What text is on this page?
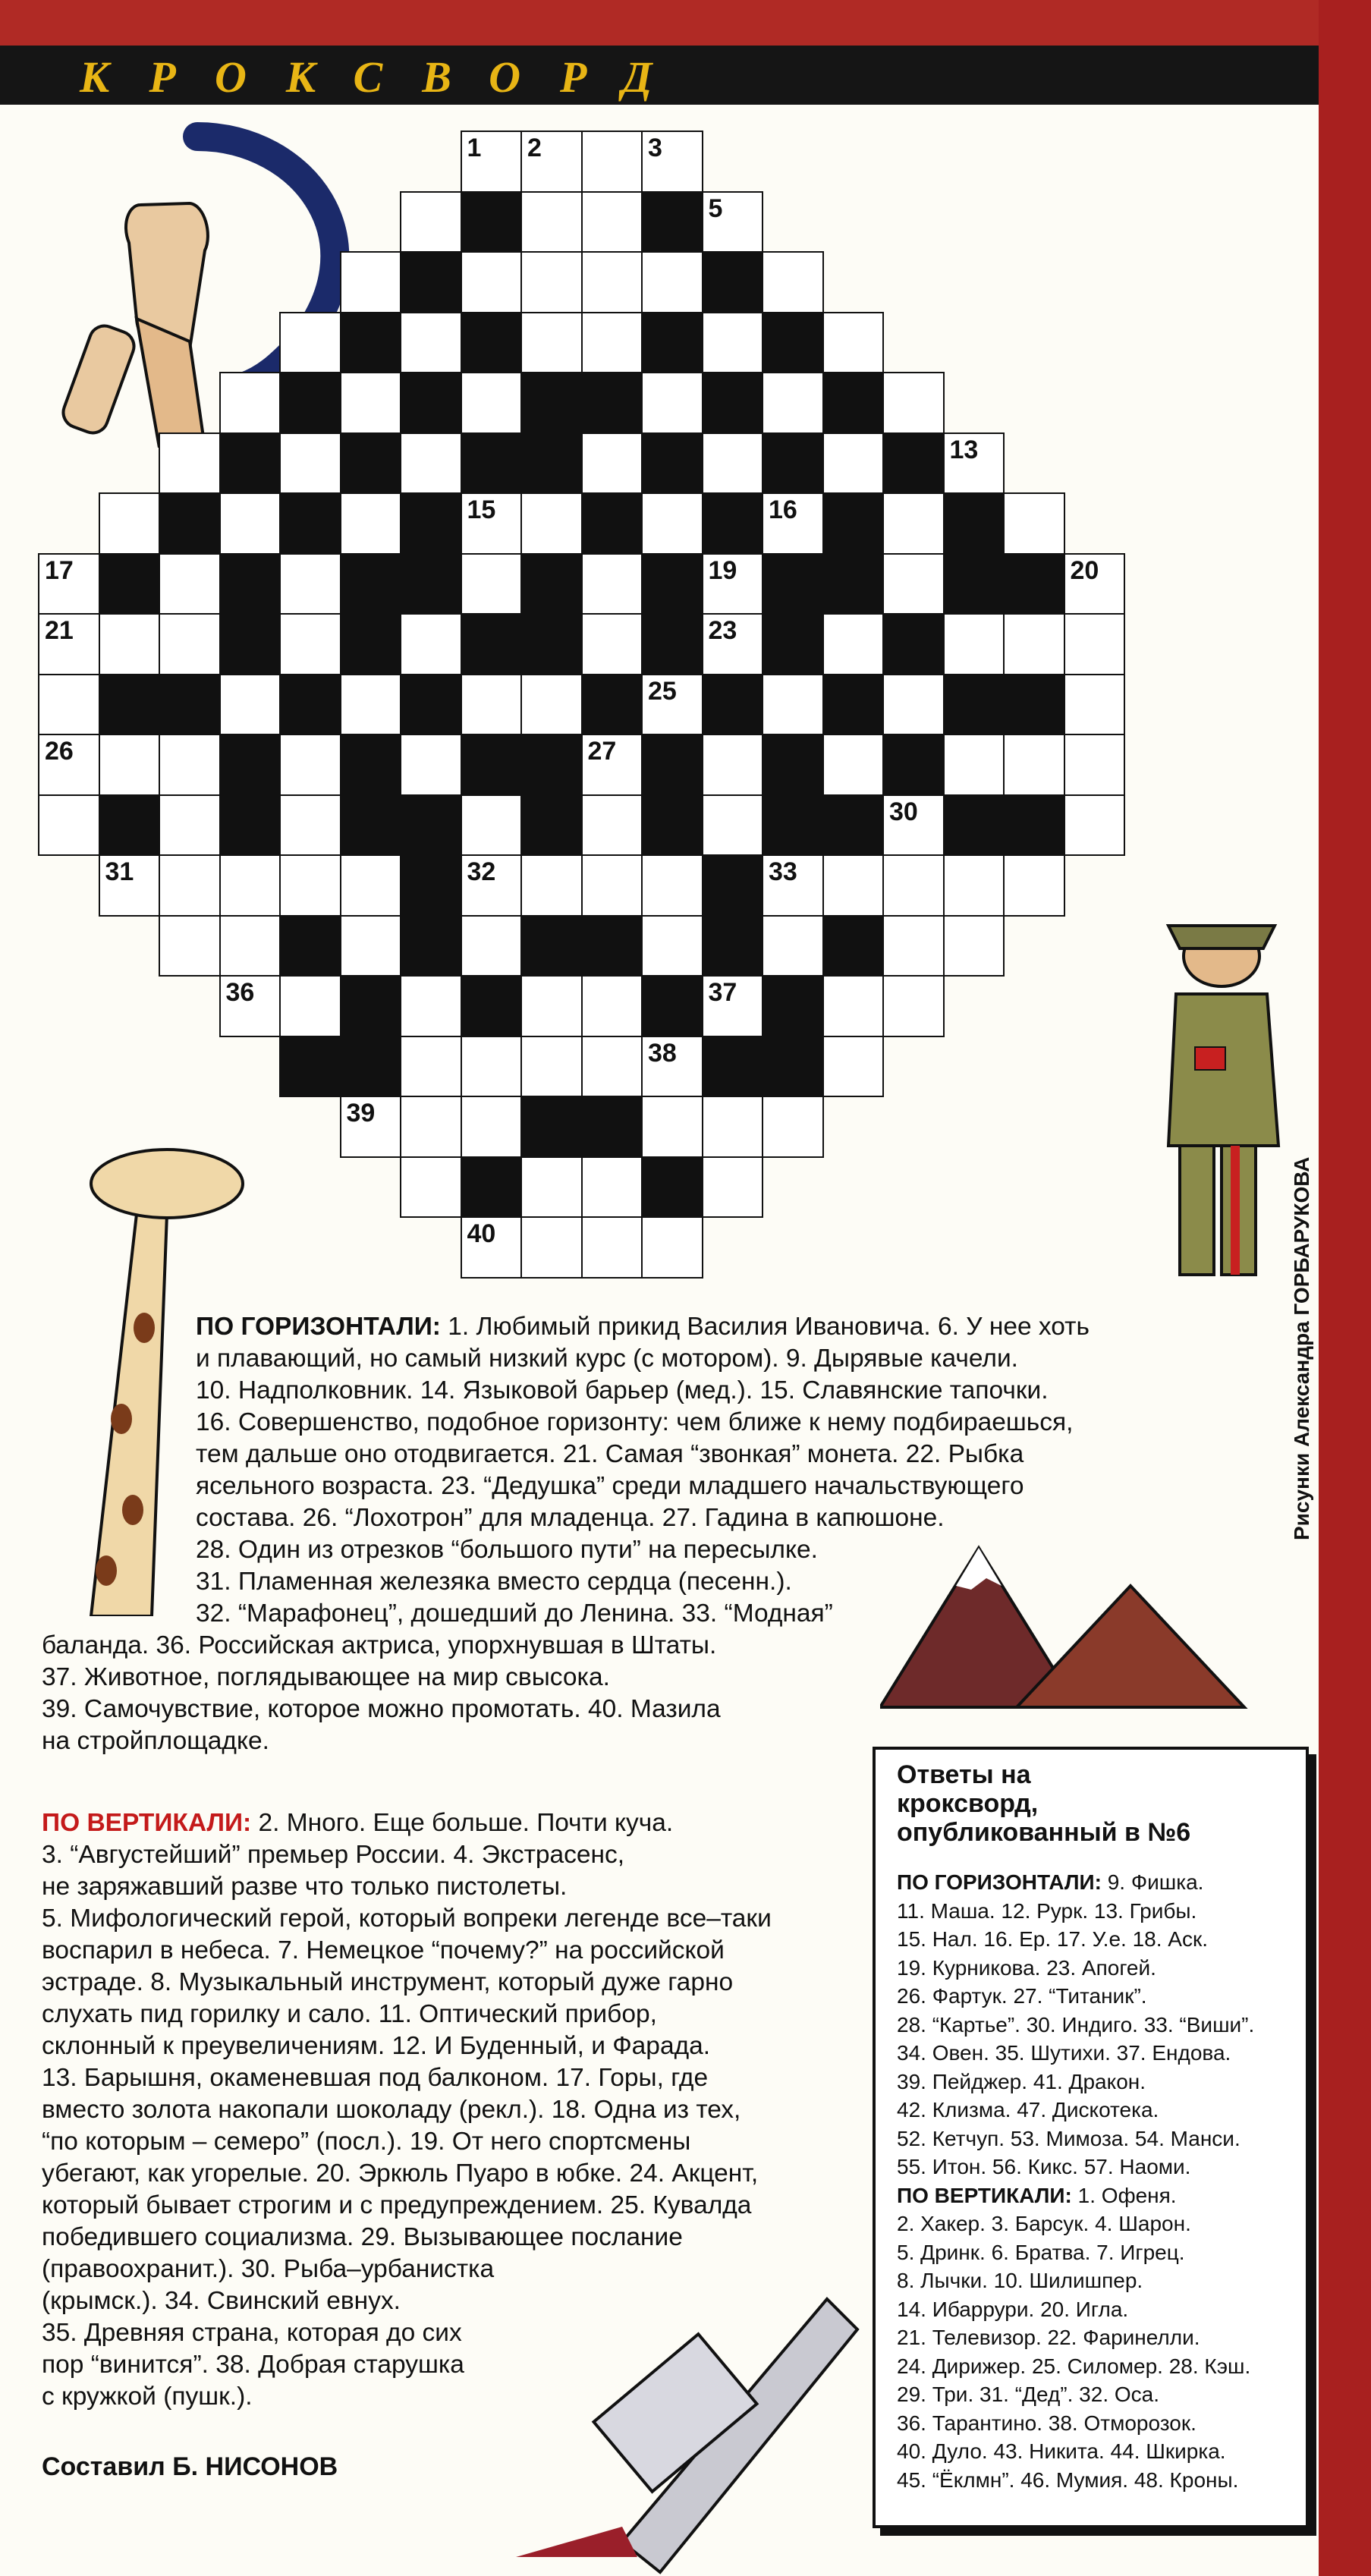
КРОКСВОРД
1 2	3
5
13
15	16
17	19	20
21	23
25
26	27
30
31	32	33
36	37
38
39
40
ПО ГОРИЗОНТАЛИ: 1. Любимый прикид Василия Ивановича. 6. У нее хоть
и плавающий, но самый низкий курс (с мотором). 9. Дырявые качели.
10. Надполковник. 14. Языковой барьер (мед.). 15. Славянские тапочки.
16. Совершенство, подобное горизонту: чем ближе к нему подбираешься,
тем дальше оно отодвигается. 21. Самая “звонкая” монета. 22. Рыбка
ясельного возраста. 23. “Дедушка” среди младшего начальствующего
состава. 26. “Лохотрон” для младенца. 27. Гадина в капюшоне.
28. Один из отрезков “большого пути” на пересылке.
31. Пламенная железяка вместо сердца (песенн.).
32. “Марафонец”, дошедший до Ленина. 33. “Модная”
баланда. 36. Российская актриса, упорхнувшая в Штаты.
37. Животное, поглядывающее на мир свысока.
39. Самочувствие, которое можно промотать. 40. Мазила
на стройплощадке.
ПО ВЕРТИКАЛИ: 2. Много. Еще больше. Почти куча.
3. “Августейший” премьер России. 4. Экстрасенс,
не заряжавший разве что только пистолеты.
5. Мифологический герой, который вопреки легенде все–таки
воспарил в небеса. 7. Немецкое “почему?” на российской
эстраде. 8. Музыкальный инструмент, который дуже гарно
слухать пид горилку и сало. 11. Оптический прибор,
склонный к преувеличениям. 12. И Буденный, и Фарада.
13. Барышня, окаменевшая под балконом. 17. Горы, где
вместо золота накопали шоколаду (рекл.). 18. Одна из тех,
“по которым – семеро” (посл.). 19. От него спортсмены
убегают, как угорелые. 20. Эркюль Пуаро в юбке. 24. Акцент,
который бывает строгим и с предупреждением. 25. Кувалда
победившего социализма. 29. Вызывающее послание
(правоохранит.). 30. Рыба–урбанистка
(крымск.). 34. Свинский евнух.
35. Древняя страна, которая до сих
пор “винится”. 38. Добрая старушка
с кружкой (пушк.).
Составил Б. НИСОНОВ
Ответы на
кроксворд,
опубликованный в №6
ПО ГОРИЗОНТАЛИ: 9. Фишка.
11. Маша. 12. Рурк. 13. Грибы.
15. Нал. 16. Ер. 17. У.е. 18. Аск.
19. Курникова. 23. Апогей.
26. Фартук. 27. “Титаник”.
28. “Картье”. 30. Индиго. 33. “Виши”.
34. Овен. 35. Шутихи. 37. Ендова.
39. Пейджер. 41. Дракон.
42. Клизма. 47. Дискотека.
52. Кетчуп. 53. Мимоза. 54. Манси.
55. Итон. 56. Кикс. 57. Наоми.
ПО ВЕРТИКАЛИ: 1. Офеня.
2. Хакер. 3. Барсук. 4. Шарон.
5. Дринк. 6. Братва. 7. Игрец.
8. Лычки. 10. Шилишпер.
14. Ибаррури. 20. Игла.
21. Телевизор. 22. Фаринелли.
24. Дирижер. 25. Силомер. 28. Кэш.
29. Три. 31. “Дед”. 32. Оса.
36. Тарантино. 38. Отморозок.
40. Дуло. 43. Никита. 44. Шкирка.
45. “Ёклмн”. 46. Мумия. 48. Кроны.
Рисунки Александра ГОРБАРУКОВА
